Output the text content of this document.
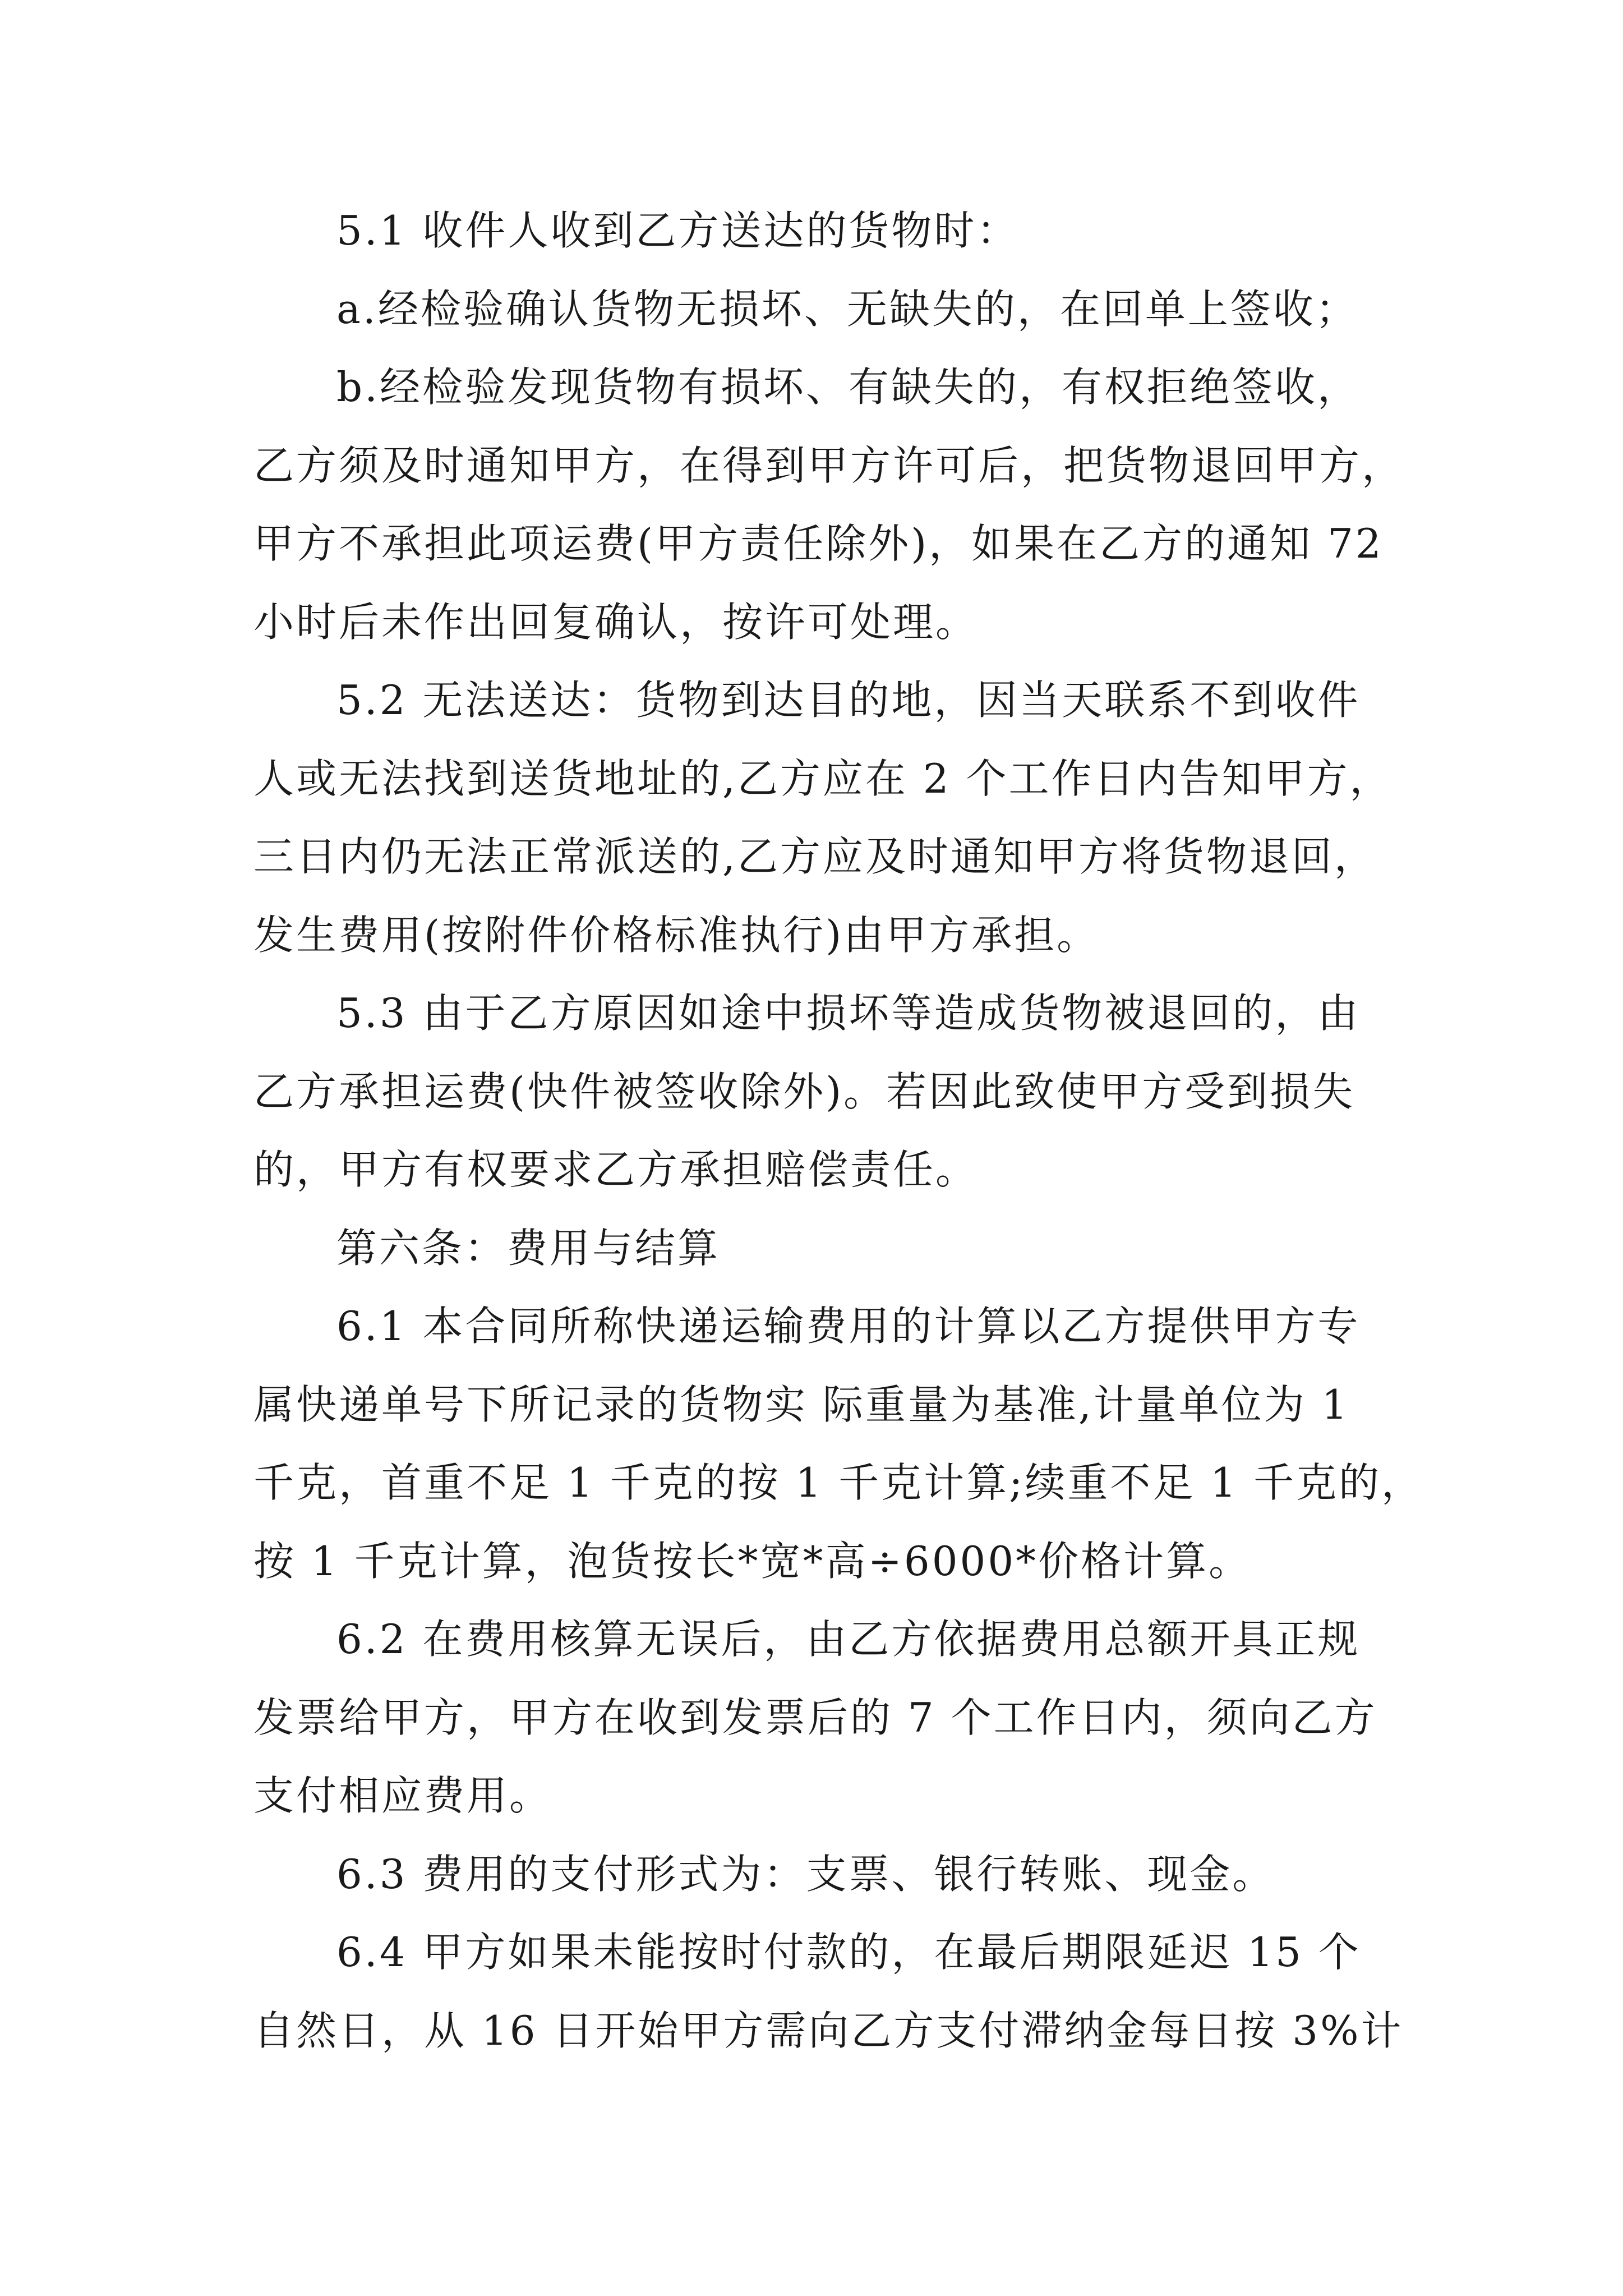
5.1 收件人收到乙方送达的货物时：

a.经检验确认货物无损坏、无缺失的，在回单上签收；

b.经检验发现货物有损坏、有缺失的，有权拒绝签收，

乙方须及时通知甲方，在得到甲方许可后，把货物退回甲方，
甲方不承担此项运费(甲方责任除外)，如果在乙方的通知 72
小时后未作出回复确认，按许可处理。

5.2 无法送达：货物到达目的地，因当天联系不到收件

人或无法找到送货地址的,乙方应在 2 个工作日内告知甲方，
三日内仍无法正常派送的,乙方应及时通知甲方将货物退回，
发生费用(按附件价格标准执行)由甲方承担。

5.3 由于乙方原因如途中损坏等造成货物被退回的，由

乙方承担运费(快件被签收除外)。若因此致使甲方受到损失
的，甲方有权要求乙方承担赔偿责任。

第六条：费用与结算

6.1 本合同所称快递运输费用的计算以乙方提供甲方专

属快递单号下所记录的货物实 际重量为基准,计量单位为 1
千克，首重不足 1 千克的按 1 千克计算;续重不足 1 千克的，
按 1 千克计算，泡货按长*宽*高÷6000*价格计算。

6.2 在费用核算无误后，由乙方依据费用总额开具正规

发票给甲方，甲方在收到发票后的 7 个工作日内，须向乙方
支付相应费用。

6.3 费用的支付形式为：支票、银行转账、现金。

6.4 甲方如果未能按时付款的，在最后期限延迟 15 个

自然日，从 16 日开始甲方需向乙方支付滞纳金每日按 3%计
